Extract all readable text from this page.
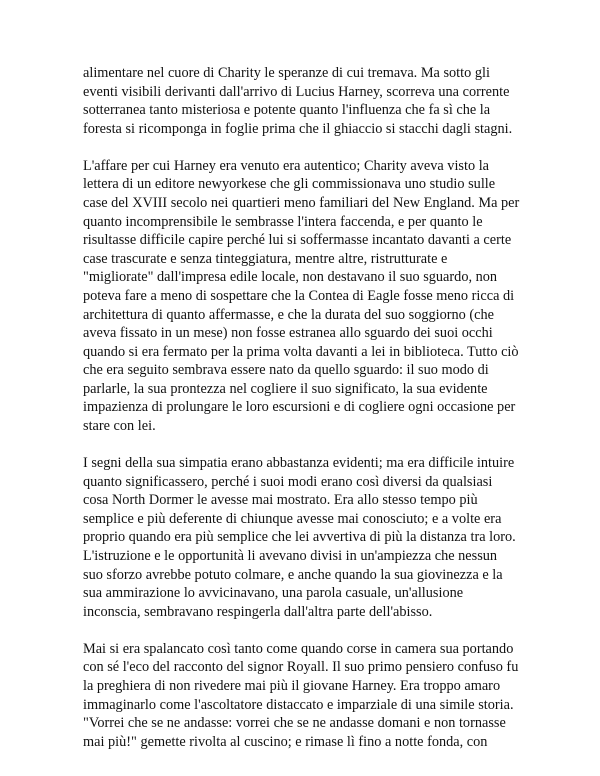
alimentare nel cuore di Charity le speranze di cui tremava. Ma sotto gli
eventi visibili derivanti dall'arrivo di Lucius Harney, scorreva una corrente
sotterranea tanto misteriosa e potente quanto l'influenza che fa sì che la
foresta si ricomponga in foglie prima che il ghiaccio si stacchi dagli stagni.

L'affare per cui Harney era venuto era autentico; Charity aveva visto la
lettera di un editore newyorkese che gli commissionava uno studio sulle
case del XVIII secolo nei quartieri meno familiari del New England. Ma per
quanto incomprensibile le sembrasse l'intera faccenda, e per quanto le
risultasse difficile capire perché lui si soffermasse incantato davanti a certe
case trascurate e senza tinteggiatura, mentre altre, ristrutturate e
"migliorate" dall'impresa edile locale, non destavano il suo sguardo, non
poteva fare a meno di sospettare che la Contea di Eagle fosse meno ricca di
architettura di quanto affermasse, e che la durata del suo soggiorno (che
aveva fissato in un mese) non fosse estranea allo sguardo dei suoi occhi
quando si era fermato per la prima volta davanti a lei in biblioteca. Tutto ciò
che era seguito sembrava essere nato da quello sguardo: il suo modo di
parlarle, la sua prontezza nel cogliere il suo significato, la sua evidente
impazienza di prolungare le loro escursioni e di cogliere ogni occasione per
stare con lei.

I segni della sua simpatia erano abbastanza evidenti; ma era difficile intuire
quanto significassero, perché i suoi modi erano così diversi da qualsiasi
cosa North Dormer le avesse mai mostrato. Era allo stesso tempo più
semplice e più deferente di chiunque avesse mai conosciuto; e a volte era
proprio quando era più semplice che lei avvertiva di più la distanza tra loro.
L'istruzione e le opportunità li avevano divisi in un'ampiezza che nessun
suo sforzo avrebbe potuto colmare, e anche quando la sua giovinezza e la
sua ammirazione lo avvicinavano, una parola casuale, un'allusione
inconscia, sembravano respingerla dall'altra parte dell'abisso.

Mai si era spalancato così tanto come quando corse in camera sua portando
con sé l'eco del racconto del signor Royall. Il suo primo pensiero confuso fu
la preghiera di non rivedere mai più il giovane Harney. Era troppo amaro
immaginarlo come l'ascoltatore distaccato e imparziale di una simile storia.
"Vorrei che se ne andasse: vorrei che se ne andasse domani e non tornasse
mai più!" gemette rivolta al cuscino; e rimase lì fino a notte fonda, con
